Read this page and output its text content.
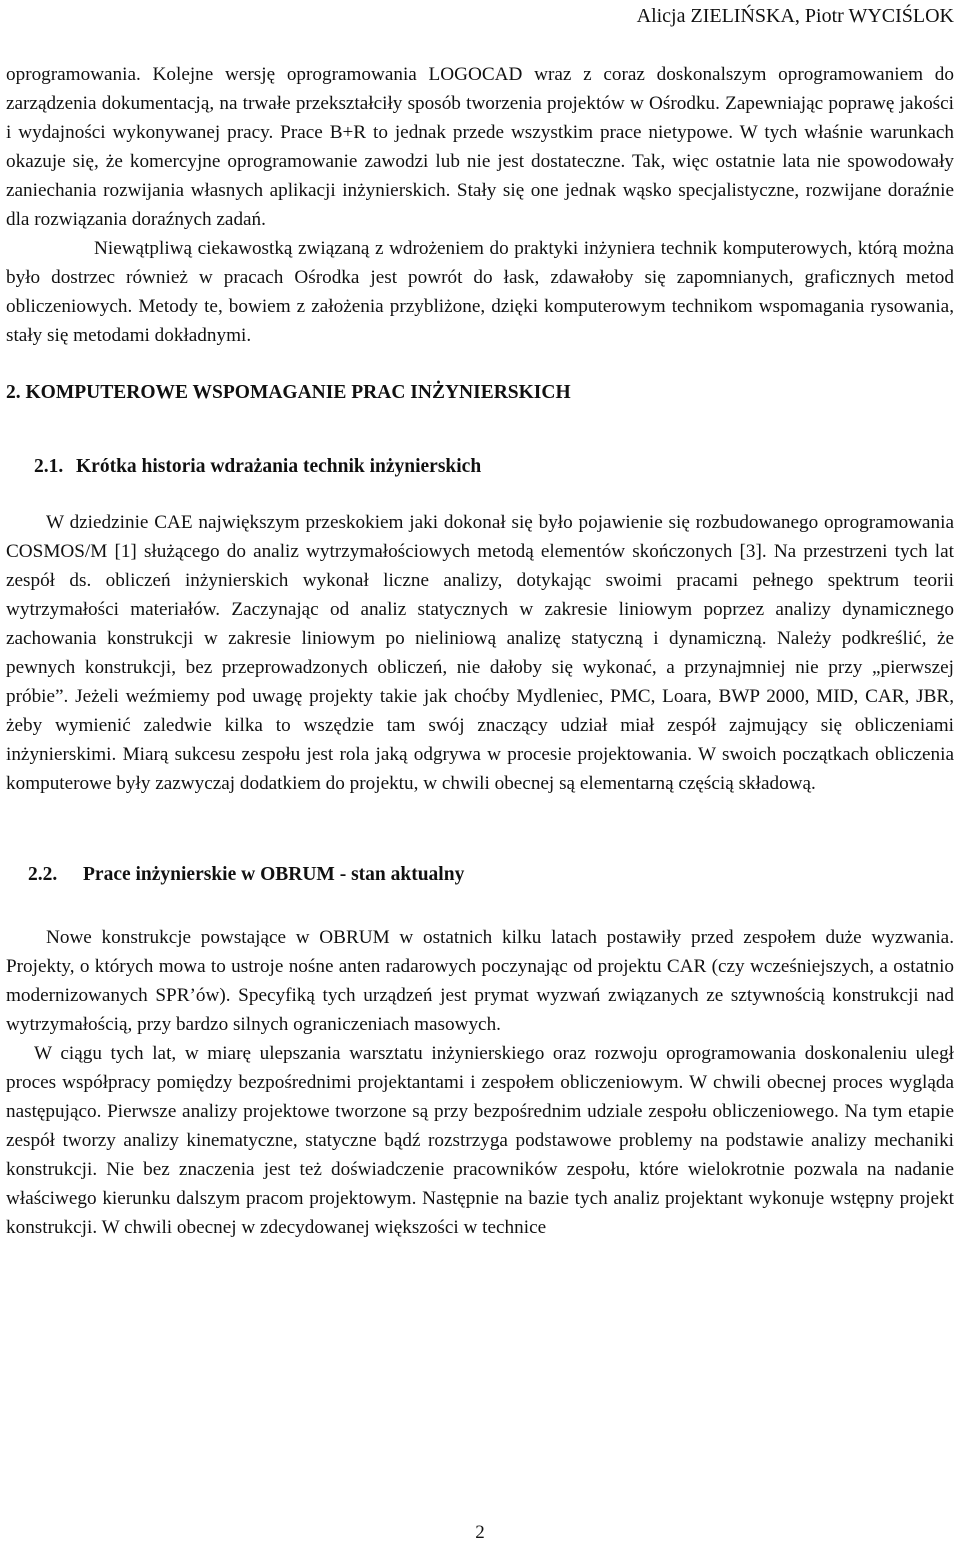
Alicja ZIELIŃSKA, Piotr WYCIŚLOK

oprogramowania. Kolejne wersję oprogramowania LOGOCAD wraz z coraz doskonalszym oprogramowaniem do zarządzenia dokumentacją, na trwałe przekształciły sposób tworzenia projektów w Ośrodku. Zapewniając poprawę jakości i wydajności wykonywanej pracy. Prace B+R to jednak przede wszystkim prace nietypowe. W tych właśnie warunkach okazuje się, że komercyjne oprogramowanie zawodzi lub nie jest dostateczne. Tak, więc ostatnie lata nie spowodowały zaniechania rozwijania własnych aplikacji inżynierskich. Stały się one jednak wąsko specjalistyczne, rozwijane doraźnie dla rozwiązania doraźnych zadań.

Niewątpliwą ciekawostką związaną z wdrożeniem do praktyki inżyniera technik komputerowych, którą można było dostrzec również w pracach Ośrodka jest powrót do łask, zdawałoby się zapomnianych, graficznych metod obliczeniowych. Metody te, bowiem z założenia przybliżone, dzięki komputerowym technikom wspomagania rysowania, stały się metodami dokładnymi.

2. KOMPUTEROWE WSPOMAGANIE PRAC INŻYNIERSKICH
2.1. Krótka historia wdrażania technik inżynierskich

W dziedzinie CAE największym przeskokiem jaki dokonał się było pojawienie się rozbudowanego oprogramowania COSMOS/M [1] służącego do analiz wytrzymałościowych metodą elementów skończonych [3]. Na przestrzeni tych lat zespół ds. obliczeń inżynierskich wykonał liczne analizy, dotykając swoimi pracami pełnego spektrum teorii wytrzymałości materiałów. Zaczynając od analiz statycznych w zakresie liniowym poprzez analizy dynamicznego zachowania konstrukcji w zakresie liniowym po nieliniową analizę statyczną i dynamiczną. Należy podkreślić, że pewnych konstrukcji, bez przeprowadzonych obliczeń, nie dałoby się wykonać, a przynajmniej nie przy „pierwszej próbie”. Jeżeli weźmiemy pod uwagę projekty takie jak choćby Mydleniec, PMC, Loara, BWP 2000, MID, CAR, JBR, żeby wymienić zaledwie kilka to wszędzie tam swój znaczący udział miał zespół zajmujący się obliczeniami inżynierskimi. Miarą sukcesu zespołu jest rola jaką odgrywa w procesie projektowania. W swoich początkach obliczenia komputerowe były zazwyczaj dodatkiem do projektu, w chwili obecnej są elementarną częścią składową.

2.2. Prace inżynierskie w OBRUM - stan aktualny

Nowe konstrukcje powstające w OBRUM w ostatnich kilku latach postawiły przed zespołem duże wyzwania. Projekty, o których mowa to ustroje nośne anten radarowych poczynając od projektu CAR (czy wcześniejszych, a ostatnio modernizowanych SPR’ów). Specyfiką tych urządzeń jest prymat wyzwań związanych ze sztywnością konstrukcji nad wytrzymałością, przy bardzo silnych ograniczeniach masowych.

W ciągu tych lat, w miarę ulepszania warsztatu inżynierskiego oraz rozwoju oprogramowania doskonaleniu uległ proces współpracy pomiędzy bezpośrednimi projektantami i zespołem obliczeniowym. W chwili obecnej proces wygląda następująco. Pierwsze analizy projektowe tworzone są przy bezpośrednim udziale zespołu obliczeniowego. Na tym etapie zespół tworzy analizy kinematyczne, statyczne bądź rozstrzyga podstawowe problemy na podstawie analizy mechaniki konstrukcji. Nie bez znaczenia jest też doświadczenie pracowników zespołu, które wielokrotnie pozwala na nadanie właściwego kierunku dalszym pracom projektowym. Następnie na bazie tych analiz projektant wykonuje wstępny projekt konstrukcji. W chwili obecnej w zdecydowanej większości w technice

2
